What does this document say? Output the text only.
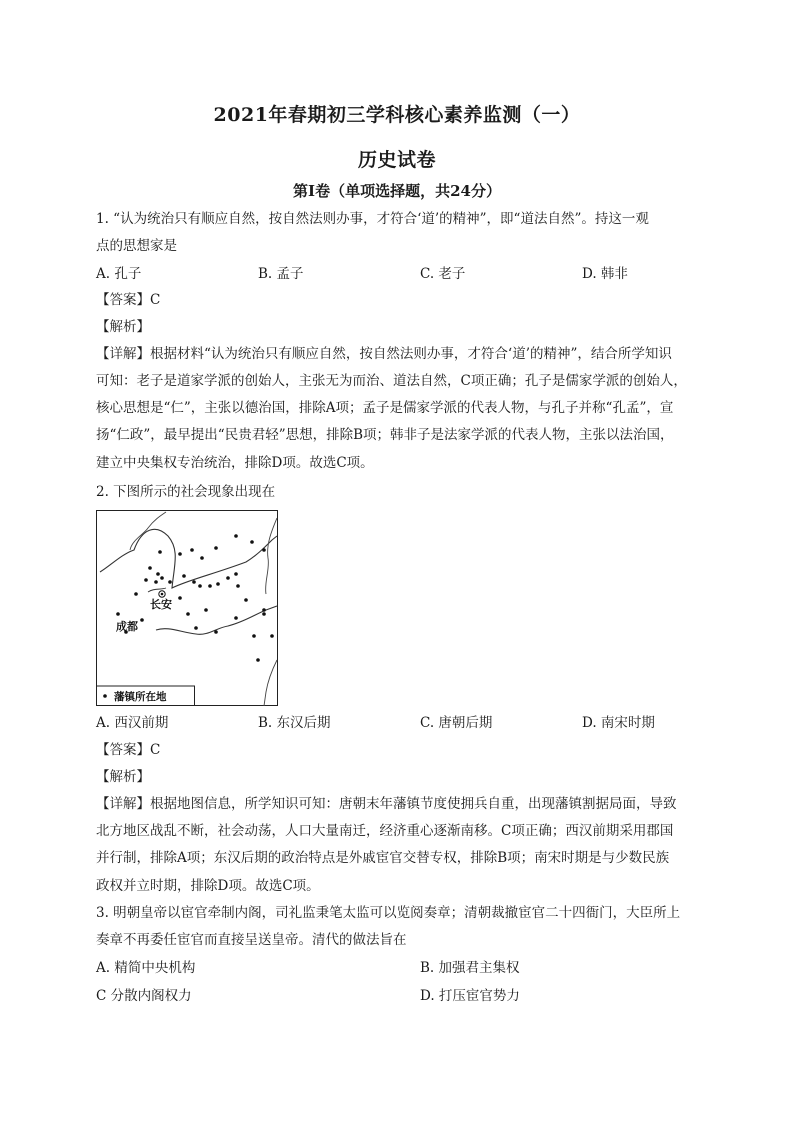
2021年春期初三学科核心素养监测（一）
历史试卷
第Ⅰ卷（单项选择题，共24分）
1. “认为统治只有顺应自然，按自然法则办事，才符合‘道’的精神”，即“道法自然”。持这一观
点的思想家是
A. 孔子	B. 孟子	C. 老子	D. 韩非
【答案】C
【解析】
【详解】根据材料“认为统治只有顺应自然，按自然法则办事，才符合‘道’的精神”，结合所学知识
可知：老子是道家学派的创始人，主张无为而治、道法自然，C项正确；孔子是儒家学派的创始人，
核心思想是“仁”，主张以德治国，排除A项；孟子是儒家学派的代表人物，与孔子并称“孔孟”，宣
扬“仁政”，最早提出“民贵君轻”思想，排除B项；韩非子是法家学派的代表人物，主张以法治国，
建立中央集权专治统治，排除D项。故选C项。
2. 下图所示的社会现象出现在
长安
成都
藩镇所在地
A. 西汉前期	B. 东汉后期	C. 唐朝后期	D. 南宋时期
【答案】C
【解析】
【详解】根据地图信息，所学知识可知：唐朝末年藩镇节度使拥兵自重，出现藩镇割据局面，导致
北方地区战乱不断，社会动荡，人口大量南迁，经济重心逐渐南移。C项正确；西汉前期采用郡国
并行制，排除A项；东汉后期的政治特点是外戚宦官交替专权，排除B项；南宋时期是与少数民族
政权并立时期，排除D项。故选C项。
3. 明朝皇帝以宦官牵制内阁，司礼监秉笔太监可以览阅奏章；清朝裁撤宦官二十四衙门，大臣所上
奏章不再委任宦官而直接呈送皇帝。清代的做法旨在
A. 精简中央机构	B. 加强君主集权
C 分散内阁权力	D. 打压宦官势力
